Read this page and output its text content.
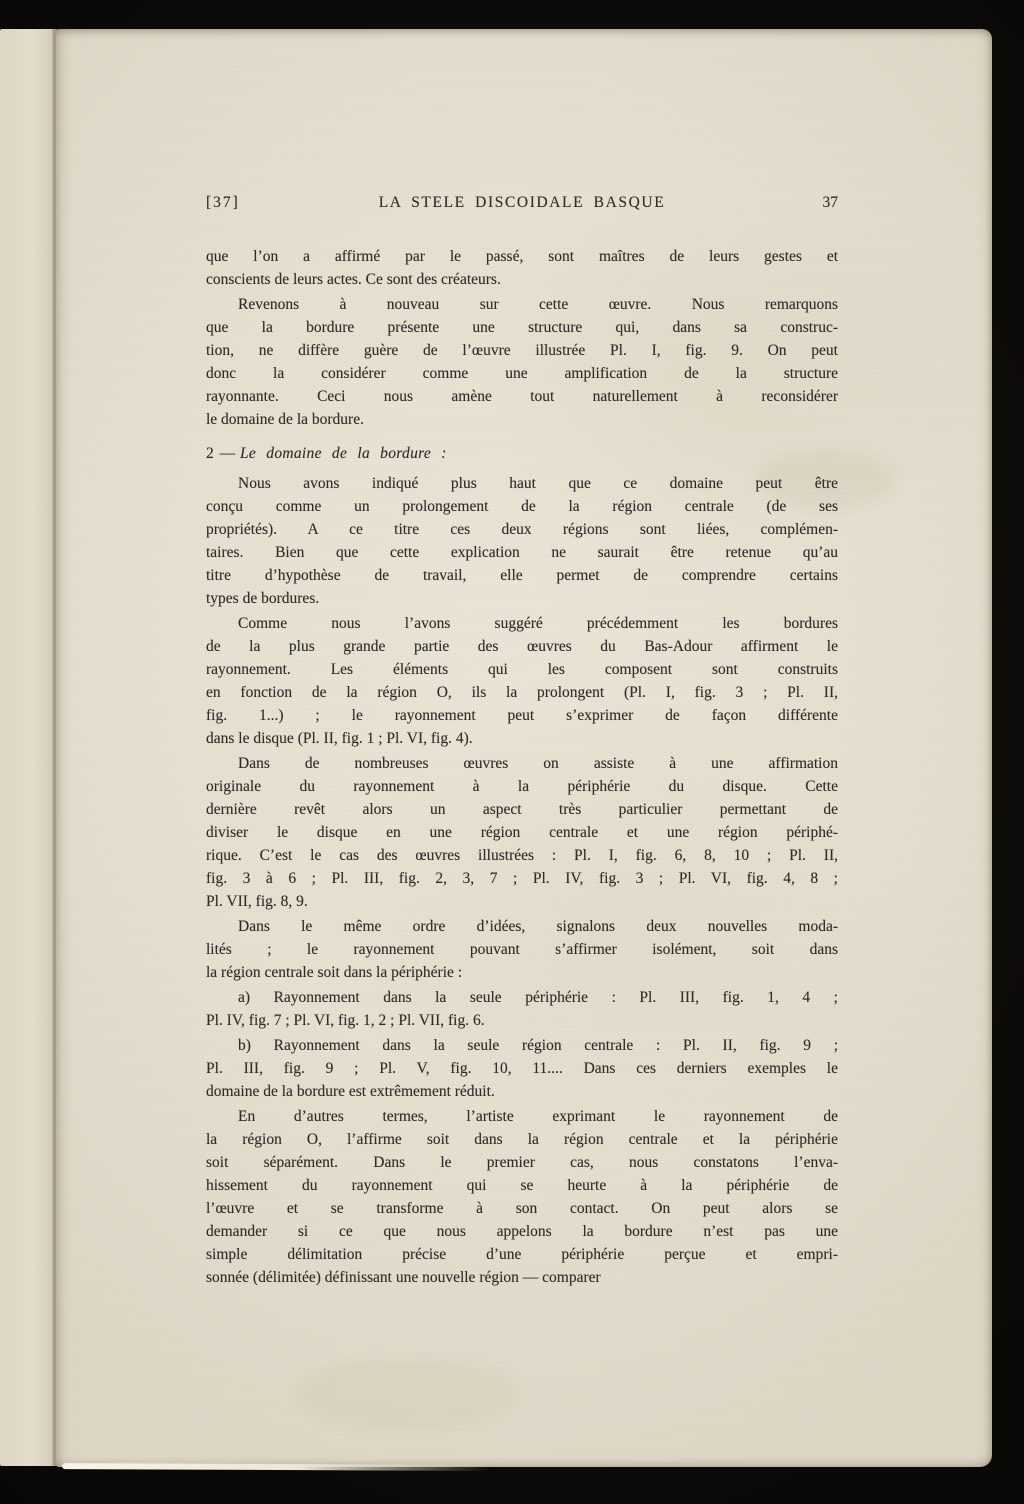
[37]	LA STELE DISCOIDALE BASQUE	37
que l’on a affirmé par le passé, sont maîtres de leurs gestes et
conscients de leurs actes. Ce sont des créateurs.
Revenons à nouveau sur cette œuvre. Nous remarquons
que la bordure présente une structure qui, dans sa construc-
tion, ne diffère guère de l’œuvre illustrée Pl. I, fig. 9. On peut
donc la considérer comme une amplification de la structure
rayonnante. Ceci nous amène tout naturellement à reconsidérer
le domaine de la bordure.
2 — Le domaine de la bordure :
Nous avons indiqué plus haut que ce domaine peut être
conçu comme un prolongement de la région centrale (de ses
propriétés). A ce titre ces deux régions sont liées, complémen-
taires. Bien que cette explication ne saurait être retenue qu’au
titre d’hypothèse de travail, elle permet de comprendre certains
types de bordures.
Comme nous l’avons suggéré précédemment les bordures
de la plus grande partie des œuvres du Bas-Adour affirment le
rayonnement. Les éléments qui les composent sont construits
en fonction de la région O, ils la prolongent (Pl. I, fig. 3 ; Pl. II,
fig. 1...) ; le rayonnement peut s’exprimer de façon différente
dans le disque (Pl. II, fig. 1 ; Pl. VI, fig. 4).
Dans de nombreuses œuvres on assiste à une affirmation
originale du rayonnement à la périphérie du disque. Cette
dernière revêt alors un aspect très particulier permettant de
diviser le disque en une région centrale et une région périphé-
rique. C’est le cas des œuvres illustrées : Pl. I, fig. 6, 8, 10 ; Pl. II,
fig. 3 à 6 ; Pl. III, fig. 2, 3, 7 ; Pl. IV, fig. 3 ; Pl. VI, fig. 4, 8 ;
Pl. VII, fig. 8, 9.
Dans le même ordre d’idées, signalons deux nouvelles moda-
lités ; le rayonnement pouvant s’affirmer isolément, soit dans
la région centrale soit dans la périphérie :
a) Rayonnement dans la seule périphérie : Pl. III, fig. 1, 4 ;
Pl. IV, fig. 7 ; Pl. VI, fig. 1, 2 ; Pl. VII, fig. 6.
b) Rayonnement dans la seule région centrale : Pl. II, fig. 9 ;
Pl. III, fig. 9 ; Pl. V, fig. 10, 11.... Dans ces derniers exemples le
domaine de la bordure est extrêmement réduit.
En d’autres termes, l’artiste exprimant le rayonnement de
la région O, l’affirme soit dans la région centrale et la périphérie
soit séparément. Dans le premier cas, nous constatons l’enva-
hissement du rayonnement qui se heurte à la périphérie de
l’œuvre et se transforme à son contact. On peut alors se
demander si ce que nous appelons la bordure n’est pas une
simple délimitation précise d’une périphérie perçue et empri-
sonnée (délimitée) définissant une nouvelle région — comparer
